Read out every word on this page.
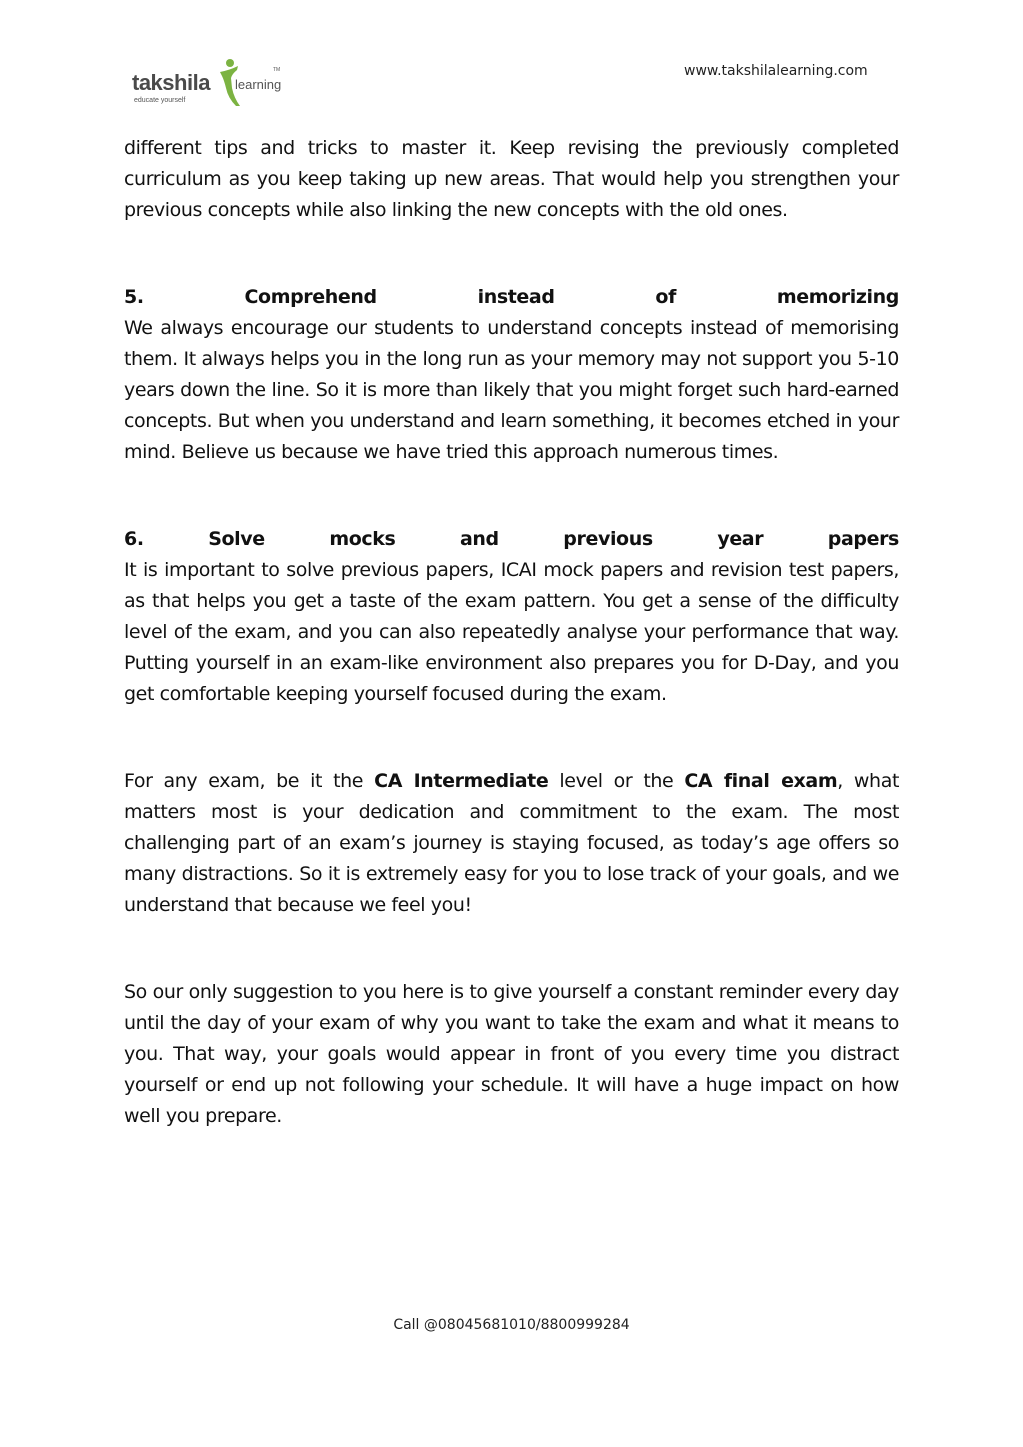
takshila learning
TM
educate yourself
www.takshilalearning.com

different tips and tricks to master it. Keep revising the previously completed curriculum as you keep taking up new areas. That would help you strengthen your previous concepts while also linking the new concepts with the old ones.

5.	Comprehend	instead	of	memorizing

We always encourage our students to understand concepts instead of memorising them. It always helps you in the long run as your memory may not support you 5-10 years down the line. So it is more than likely that you might forget such hard-earned concepts. But when you understand and learn something, it becomes etched in your mind. Believe us because we have tried this approach numerous times.

6.	Solve	mocks	and	previous	year	papers

It is important to solve previous papers, ICAI mock papers and revision test papers, as that helps you get a taste of the exam pattern. You get a sense of the difficulty level of the exam, and you can also repeatedly analyse your performance that way. Putting yourself in an exam-like environment also prepares you for D-Day, and you get comfortable keeping yourself focused during the exam.

For any exam, be it the CA Intermediate level or the CA final exam, what matters most is your dedication and commitment to the exam. The most challenging part of an exam’s journey is staying focused, as today’s age offers so many distractions. So it is extremely easy for you to lose track of your goals, and we understand that because we feel you!

So our only suggestion to you here is to give yourself a constant reminder every day until the day of your exam of why you want to take the exam and what it means to you. That way, your goals would appear in front of you every time you distract yourself or end up not following your schedule. It will have a huge impact on how well you prepare.

Call @08045681010/8800999284
